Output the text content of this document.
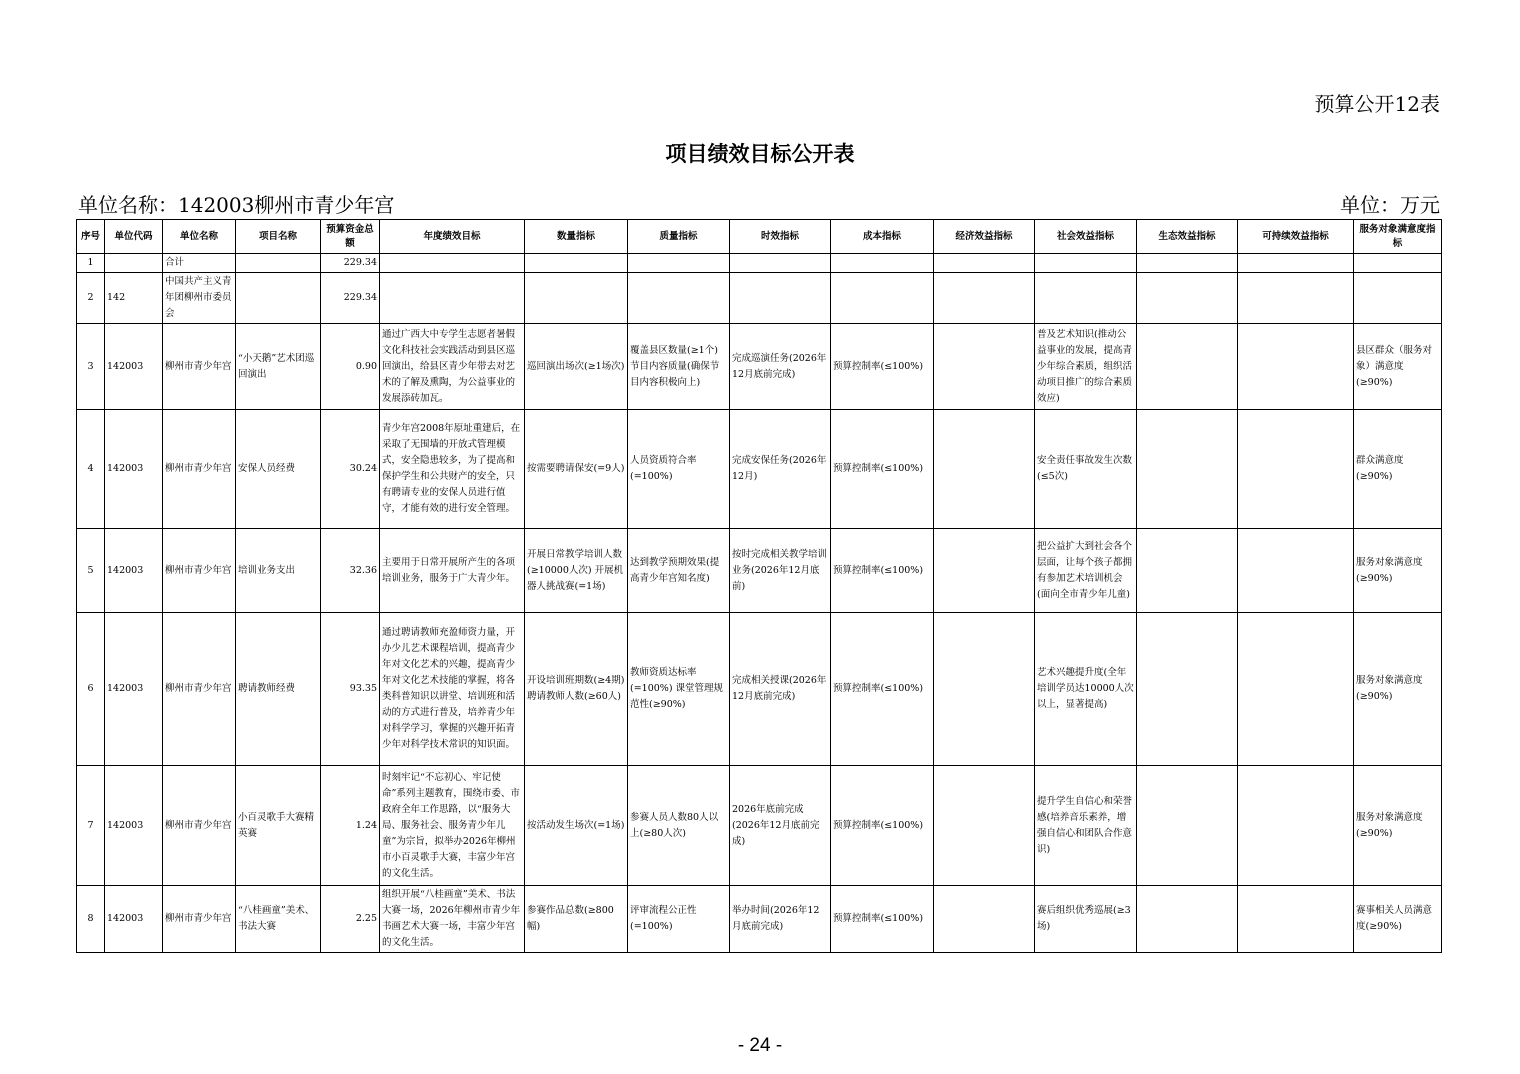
预算公开12表
项目绩效目标公开表
单位名称：142003柳州市青少年宫	单位：万元
序号	单位代码	单位名称	项目名称	预算资金总额	年度绩效目标	数量指标	质量指标	时效指标	成本指标	经济效益指标	社会效益指标	生态效益指标	可持续效益指标	服务对象满意度指标
1		合计		229.34										
2	142	中国共产主义青年团柳州市委员会		229.34										
3	142003	柳州市青少年宫	“小天鹅”艺术团巡回演出	0.90	通过广西大中专学生志愿者暑假文化科技社会实践活动到县区巡回演出，给县区青少年带去对艺术的了解及熏陶，为公益事业的发展添砖加瓦。	巡回演出场次(≥1场次)	覆盖县区数量(≥1个) 节目内容质量(确保节目内容积极向上)	完成巡演任务(2026年12月底前完成)	预算控制率(≤100%)		普及艺术知识(推动公益事业的发展，提高青少年综合素质，组织活动项目推广的综合素质效应)			县区群众（服务对象）满意度(≥90%)
4	142003	柳州市青少年宫	安保人员经费	30.24	青少年宫2008年原址重建后，在采取了无围墙的开放式管理模式，安全隐患较多，为了提高和保护学生和公共财产的安全，只有聘请专业的安保人员进行值守，才能有效的进行安全管理。	按需要聘请保安(=9人)	人员资质符合率(=100%)	完成安保任务(2026年12月)	预算控制率(≤100%)		安全责任事故发生次数(≤5次)			群众满意度(≥90%)
5	142003	柳州市青少年宫	培训业务支出	32.36	主要用于日常开展所产生的各项培训业务，服务于广大青少年。	开展日常教学培训人数(≥10000人次) 开展机器人挑战赛(=1场)	达到教学预期效果(提高青少年宫知名度)	按时完成相关教学培训业务(2026年12月底前)	预算控制率(≤100%)		把公益扩大到社会各个层面，让每个孩子都拥有参加艺术培训机会(面向全市青少年儿童)			服务对象满意度(≥90%)
6	142003	柳州市青少年宫	聘请教师经费	93.35	通过聘请教师充盈师资力量，开办少儿艺术课程培训，提高青少年对文化艺术的兴趣，提高青少年对文化艺术技能的掌握，将各类科普知识以讲堂、培训班和活动的方式进行普及，培养青少年对科学学习，掌握的兴趣开拓青少年对科学技术常识的知识面。	开设培训班期数(≥4期) 聘请教师人数(≥60人)	教师资质达标率(=100%) 课堂管理规范性(≥90%)	完成相关授课(2026年12月底前完成)	预算控制率(≤100%)		艺术兴趣提升度(全年培训学员达10000人次以上，显著提高)			服务对象满意度(≥90%)
7	142003	柳州市青少年宫	小百灵歌手大赛精英赛	1.24	时刻牢记“不忘初心、牢记使命”系列主题教育，围绕市委、市政府全年工作思路，以“服务大局、服务社会、服务青少年儿童”为宗旨，拟举办2026年柳州市小百灵歌手大赛，丰富少年宫的文化生活。	按活动发生场次(=1场)	参赛人员人数80人以上(≥80人次)	2026年底前完成(2026年12月底前完成)	预算控制率(≤100%)		提升学生自信心和荣誉感(培养音乐素养，增强自信心和团队合作意识)			服务对象满意度(≥90%)
8	142003	柳州市青少年宫	“八桂画童”美术、书法大赛	2.25	组织开展“八桂画童”美术、书法大赛一场，2026年柳州市青少年书画艺术大赛一场，丰富少年宫的文化生活。	参赛作品总数(≥800幅)	评审流程公正性(=100%)	举办时间(2026年12月底前完成)	预算控制率(≤100%)		赛后组织优秀巡展(≥3场)			赛事相关人员满意度(≥90%)
- 24 -
